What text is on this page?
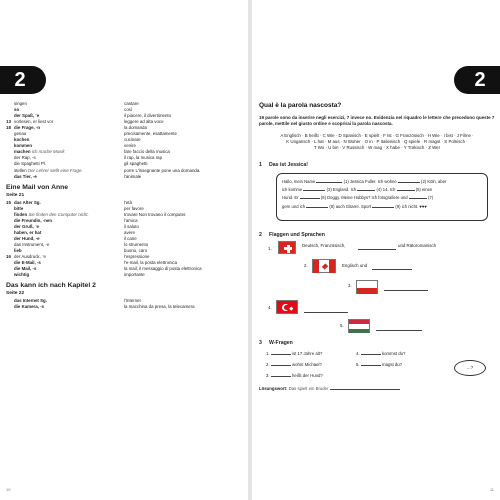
2
singen	cantare
so	così
der Spaß, ¨e	il piacere, il divertimento
13 vorlesen, er liest vor	leggere ad alta voce
18 die Frage, -n	la domanda
genau	precisamente, esattamente
kochen	cucinare
kommen	venire
machen ich mache Musik	fare faccio della musica
der Rap, -s	il rap, la musica rap
die Spaghetti Pl.	gli spaghetti
stellen Der Lehrer stellt eine Frage.	porre L'insegnante pone una domanda.
das Tier, -e	l'animale
Eine Mail von Anne
Seite 21
15 das Alter Sg.	l'età
bitte	per favore
finden Sie finden den Computer nicht.	trovare Non trovano il computer.
die Freundin, -nen	l'amica
der Gruß, ¨e	il saluto
haben, er hat	avere
der Hund, -e	il cane
das Instrument, -e	lo strumento
lieb	buono, caro
16 der Ausdruck, ¨e	l'espressione
die E-Mail, -s	l'e-mail, la posta elettronica
die Mail, -s	la mail, il messaggio di posta elettronica
wichtig	importante
Das kann ich nach Kapitel 2
Seite 22
das Internet Sg.	l'Internet
die Kamera, -s	la macchina da presa, la telecamera
10
2
Qual è la parola nascosta?
19 parole sono da inserire negli esercizi, 7 invece no. Evidenzia nel riquadro le lettere che precedono queste 7 parole, mettile nel giusto ordine e scoprirai la parola nascosta.
A Englisch · B heißt · C Wie · D Spanisch · E spielt · F Ist · G Französisch · H Wie · I bist · J Filme ·
K Ungarisch · L hat · M aus · N Woher · O in · P Italienisch · Q spiele · R magst · S Polnisch ·
T Wo · U bin · V Russisch · W mag · X habe · Y Türkisch · Z Wer
1 Das ist Jessica!
Hallo, mein Name	(1) Jessica Fuller. Ich wohne	(2) Köln, aber
ich komme	(3) England. Ich	(4) 14. Ich	(5) einen
Hund. Er	(6) Doggy. Meine Hobbys? Ich fotografiere und	(7)
gern und ich	(8) auch Gitarre. Sport	(9) ich nicht. ♥♥♥
2 Flaggen und Sprachen
1.
Deutsch, Französisch,	und Rätoromanisch
2.	Englisch und
3.
4.
5.
3 W-Fragen
1.	ist 17 Jahre alt?
2.	wohnt Michael?
3.	heißt der Hund?
4.	kommst du?
5.	magst du?
...?
Lösungswort: Das spielt ein Bruder
11
